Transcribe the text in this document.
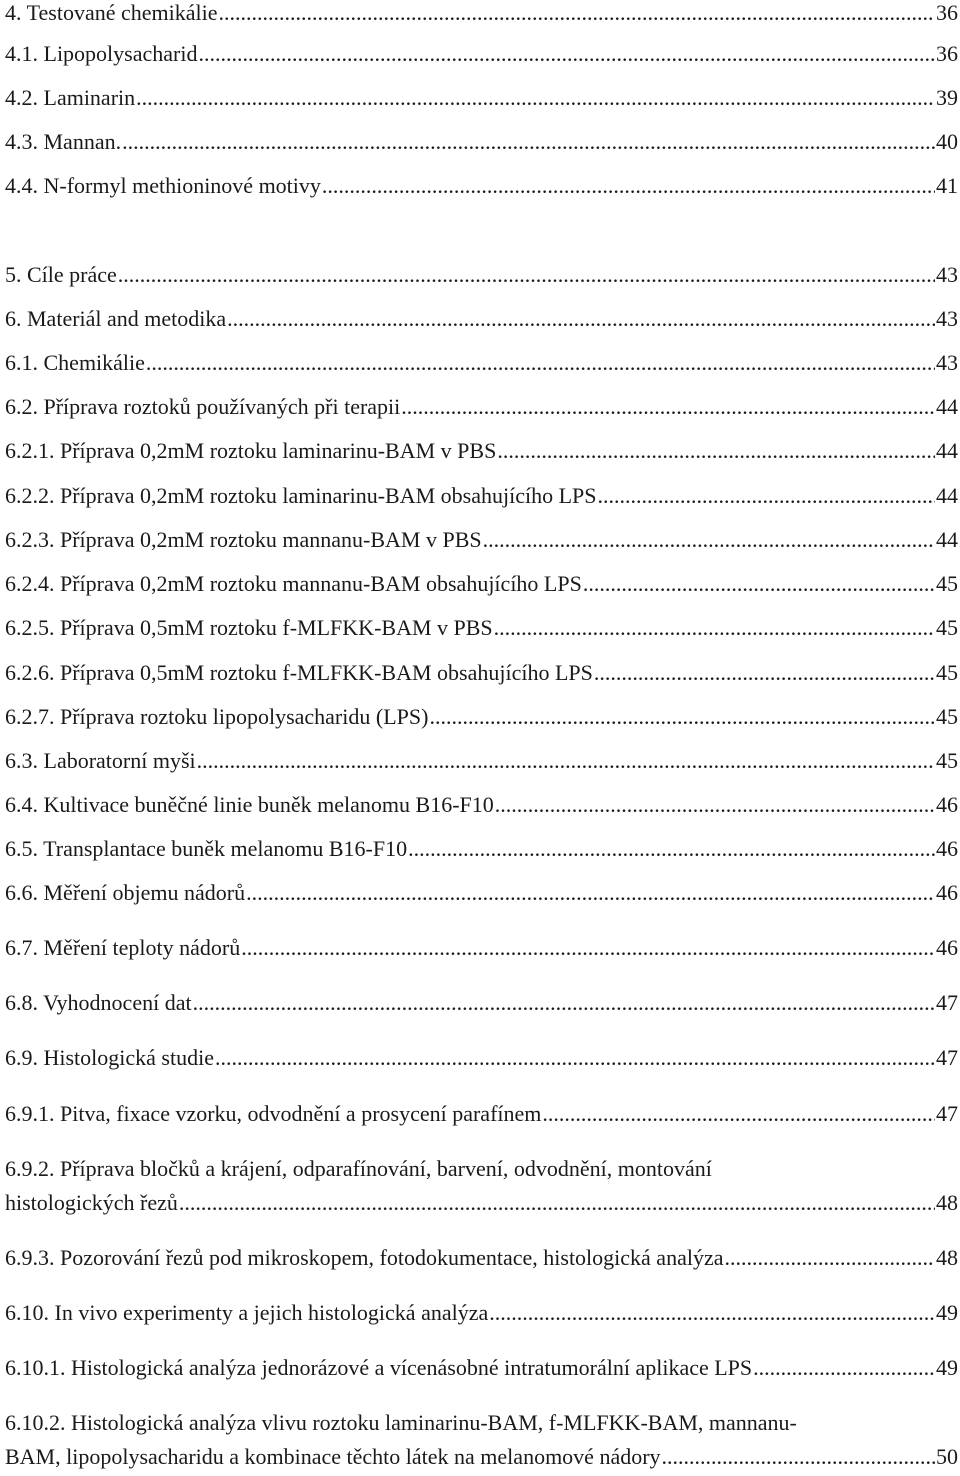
4. Testované chemikálie .....	36
4.1. Lipopolysacharid .....	36
4.2. Laminarin .....	39
4.3. Mannan. .....	40
4.4. N-formyl methioninové motivy .....	41
5. Cíle práce .....	43
6. Materiál and metodika .....	43
6.1. Chemikálie .....	43
6.2. Příprava roztoků používaných při terapii .....	44
6.2.1. Příprava 0,2mM roztoku laminarinu-BAM v PBS .....	44
6.2.2. Příprava 0,2mM roztoku laminarinu-BAM obsahujícího LPS .....	44
6.2.3. Příprava 0,2mM roztoku mannanu-BAM v PBS .....	44
6.2.4. Příprava 0,2mM roztoku mannanu-BAM obsahujícího LPS .....	45
6.2.5. Příprava 0,5mM roztoku f-MLFKK-BAM v PBS .....	45
6.2.6. Příprava 0,5mM roztoku f-MLFKK-BAM obsahujícího LPS .....	45
6.2.7. Příprava roztoku lipopolysacharidu (LPS) .....	45
6.3. Laboratorní myši .....	45
6.4. Kultivace buněčné linie buněk melanomu B16-F10 .....	46
6.5. Transplantace buněk melanomu B16-F10 .....	46
6.6. Měření objemu nádorů .....	46
6.7. Měření teploty nádorů .....	46
6.8. Vyhodnocení dat .....	47
6.9. Histologická studie .....	47
6.9.1. Pitva, fixace vzorku, odvodnění a prosycení parafínem .....	47
6.9.2. Příprava bločků a krájení, odparafínování, barvení, odvodnění, montování
histologických řezů .....	48
6.9.3. Pozorování řezů pod mikroskopem, fotodokumentace, histologická analýza .....	48
6.10. In vivo experimenty a jejich histologická analýza .....	49
6.10.1. Histologická analýza jednorázové a vícenásobné intratumorální aplikace LPS .....	49
6.10.2. Histologická analýza vlivu roztoku laminarinu-BAM, f-MLFKK-BAM, mannanu-
BAM, lipopolysacharidu a kombinace těchto látek na melanomové nádory .....	50
